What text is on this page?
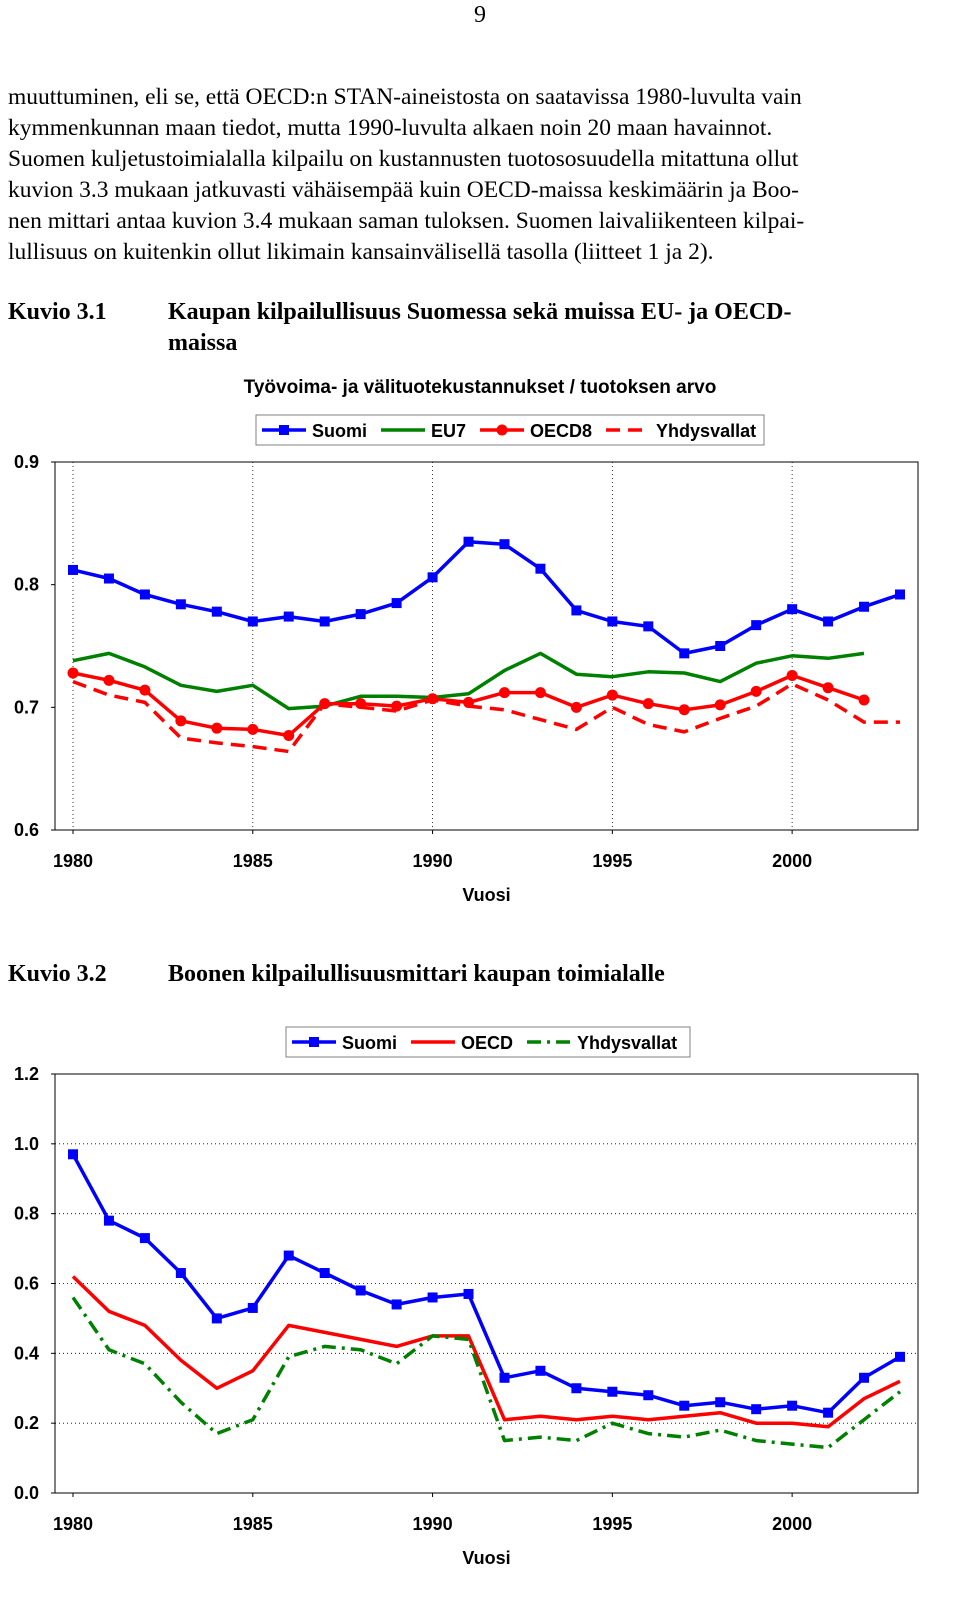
9
muuttuminen, eli se, että OECD:n STAN-aineistosta on saatavissa 1980-luvulta vain
kymmenkunnan maan tiedot, mutta 1990-luvulta alkaen noin 20 maan havainnot.
Suomen kuljetustoimialalla kilpailu on kustannusten tuotososuudella mitattuna ollut
kuvion 3.3 mukaan jatkuvasti vähäisempää kuin OECD-maissa keskimäärin ja Boo-
nen mittari antaa kuvion 3.4 mukaan saman tuloksen. Suomen laivaliikenteen kilpai-
lullisuus on kuitenkin ollut likimain kansainvälisellä tasolla (liitteet 1 ja 2).
Kuvio 3.1	Kaupan kilpailullisuus Suomessa sekä muissa EU- ja OECD-
maissa
Työvoima- ja välituotekustannukset / tuotoksen arvo
0.6
0.7
0.8
0.9
1980	1985	1990	1995	2000
Vuosi
Suomi	EU7	OECD8	Yhdysvallat
Kuvio 3.2	Boonen kilpailullisuusmittari kaupan toimialalle
0.0
0.2
0.4
0.6
0.8
1.0
1.2
1980	1985	1990	1995	2000
Vuosi
Suomi	OECD	Yhdysvallat
